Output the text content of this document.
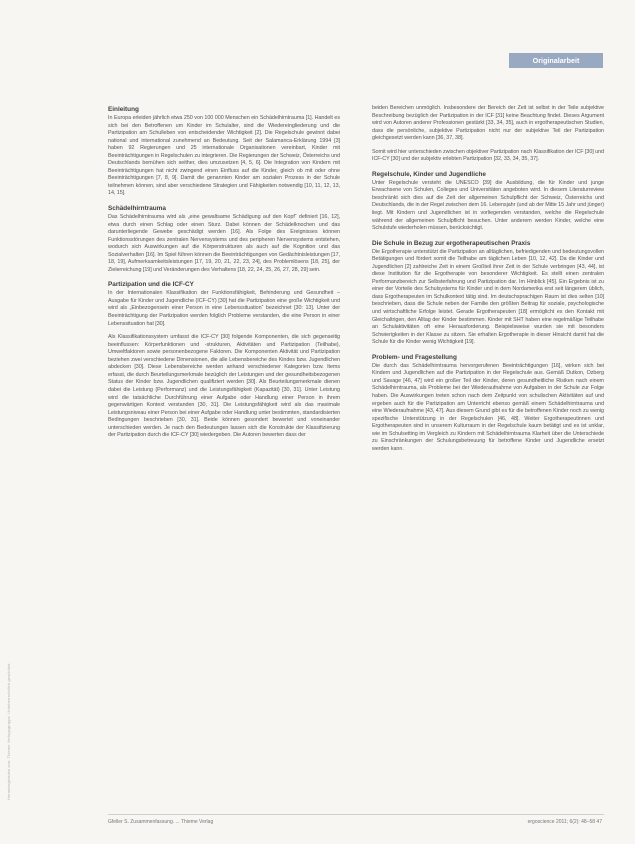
Heruntergeladen von: Thieme Verlagsgruppe. Urheberrechtlich geschützt.
Originalarbeit
Einleitung

In Europa erleiden jährlich etwa 250 von 100 000 Menschen ein Schädelhirntrauma [1]. Handelt es sich bei den Betroffenen um Kinder im Schulalter, sind die Wiedereingliederung und die Partizipation am Schulleben von entscheidender Wichtigkeit [2]. Die Regelschule gewinnt dabei national und international zunehmend an Bedeutung. Seit der Salamanca-Erklärung 1994 [3] haben 92 Regierungen und 25 internationale Organisationen vereinbart, Kinder mit Beeinträchtigungen in Regelschulen zu integrieren. Die Regierungen der Schweiz, Österreichs und Deutschlands bemühen sich seither, dies umzusetzen [4, 5, 6]. Die Integration von Kindern mit Beeinträchtigungen hat nicht zwingend einen Einfluss auf die Kinder, gleich ob mit oder ohne Beeinträchtigungen [7, 8, 9]. Damit die genannten Kinder am sozialen Prozess in der Schule teilnehmen können, sind aber verschiedene Strategien und Fähigkeiten notwendig [10, 11, 12, 13, 14, 15].

Schädelhirntrauma

Das Schädelhirntrauma wird als „eine gewaltsame Schädigung auf den Kopf“ definiert [16, 12], etwa durch einen Schlag oder einen Sturz. Dabei können der Schädelknochen und das darunterliegende Gewebe geschädigt werden [16]. Als Folge des Ereignisses können Funktionsstörungen des zentralen Nervensystems und des peripheren Nervensystems entstehen, wodurch sich Auswirkungen auf die Körperstrukturen als auch auf die Kognition und das Sozialverhalten [16]. Im Spiel führen können die Beeinträchtigungen von Gedächtnisleistungen [17, 18, 19], Aufmerksamkeitsleistungen [17, 19, 20, 21, 22, 23, 24], des Problemlösens [18, 25], der Zielerreichung [19] und Veränderungen des Verhaltens [18, 22, 24, 25, 26, 27, 28, 29] sein.

Partizipation und die ICF-CY

In der Internationalen Klassifikation der Funktionsfähigkeit, Behinderung und Gesundheit – Ausgabe für Kinder und Jugendliche (ICF-CY) [30] hat die Partizipation eine große Wichtigkeit und wird als „Einbezogensein einer Person in eine Lebenssituation“ bezeichnet [30: 13]. Unter der Beeinträchtigung der Partizipation werden folglich Probleme verstanden, die eine Person in einer Lebenssituation hat [30].

Als Klassifikationssystem umfasst die ICF-CY [30] folgende Komponenten, die sich gegenseitig beeinflussen: Körperfunktionen und -strukturen, Aktivitäten und Partizipation (Teilhabe), Umweltfaktoren sowie personenbezogene Faktoren. Die Komponenten Aktivität und Partizipation beziehen zwei verschiedene Dimensionen, die alle Lebensbereiche des Kindes bzw. Jugendlichen abdecken [30]. Diese Lebensbereiche werden anhand verschiedener Kategorien bzw. Items erfasst, die durch Beurteilungsmerkmale bezüglich der Leistungen und der gesundheitsbezogenen Status der Kinder bzw. Jugendlichen qualifiziert werden [30]. Als Beurteilungsmerkmale dienen dabei die Leistung (Performanz) und die Leistungsfähigkeit (Kapazität) [30, 31]. Unter Leistung wird die tatsächliche Durchführung einer Aufgabe oder Handlung einer Person in ihrem gegenwärtigen Kontext verstanden [30, 31]. Die Leistungsfähigkeit wird als das maximale Leistungsniveau einer Person bei einer Aufgabe oder Handlung unter bestimmten, standardisierten Bedingungen beschrieben [30, 31]. Beide können gesondert bewertet und voneinander unterschieden werden. Je nach den Bedeutungen lassen sich die Konstrukte der Klassifizierung der Partizipation durch die ICF-CY [30] wiedergeben. Die Autoren bewerten dass der

beiden Bereichen unmöglich. Insbesondere der Bereich der Zeit ist selbst in der Teile subjektive Beschreibung bezüglich der Partizipation in der ICF [31] keine Beachtung findet. Dieses Argument wird von Autoren anderer Professionen gestärkt [33, 34, 35], auch in ergotherapeutischen Studien, dass die persönliche, subjektive Partizipation nicht nur der subjektive Teil der Partizipation gleichgesetzt werden kann [36, 37, 38].

Somit wird hier unterschieden zwischen objektiver Partizipation nach Klassifikation der ICF [30] und ICF-CY [30] und der subjektiv erlebten Partizipation [32, 33, 34, 35, 37].

Regelschule, Kinder und Jugendliche

Unter Regelschule versteht die UNESCO [39] die Ausbildung, die für Kinder und junge Erwachsene von Schulen, Colleges und Universitäten angeboten wird. In diesem Literaturreview beschränkt sich dies auf die Zeit der allgemeinen Schulpflicht der Schweiz, Österreichs und Deutschlands, die in der Regel zwischen dem 16. Lebensjahr (und ab der Mitte 15 Jahr und jünger) liegt. Mit Kindern und Jugendlichen ist in vorliegenden verstanden, welche die Regelschule während der allgemeinen Schulpflicht besuchen. Unter anderem werden Kinder, welche eine Schulstufe wiederholen müssen, berücksichtigt.

Die Schule in Bezug zur ergotherapeutischen Praxis

Die Ergotherapie unterstützt die Partizipation an alltäglichen, befriedigenden und bedeutungsvollen Betätigungen und fördert somit die Teilhabe am täglichen Leben [10, 12, 42]. Da die Kinder und Jugendlichen [2] zahlreiche Zeit in einem Großteil ihrer Zeit in der Schule verbringen [43, 44], ist diese Institution für die Ergotherapie von besonderer Wichtigkeit. Es stellt einen zentralen Performanzbereich zur Selbsterfahrung und Partizipation dar. Im Hinblick [45]. Ein Ergebnis ist zu einer der Vorteile des Schulsystems für Kinder und in dem Nordamerika erst seit längerem üblich, dass Ergotherapeuten im Schulkontext tätig sind. Im deutschsprachigen Raum ist dies selten [10] beschrieben, dass die Schule neben der Familie den größten Beitrag für soziale, psychologische und wirtschaftliche Erfolge leistet. Gerade Ergotherapeuten [18] ermöglicht es den Kontakt mit Gleichaltrigen, den Alltag der Kinder bestimmen. Kinder mit SHT haben eine regelmäßige Teilhabe an Schulaktivitäten oft eine Herausforderung. Beispielsweise wurden sie mit besonders Schwierigkeiten in der Klasse zu sitzen. Sie erhalten Ergotherapie in dieser Hinsicht damit hat die Schule für die Kinder wenig Wichtigkeit [19].

Problem- und Fragestellung

Die durch das Schädelhirntrauma hervorgerufenen Beeinträchtigungen [16], wirken sich bei Kindern und Jugendlichen auf die Partizipation in der Regelschule aus. Gemäß Dutkon, Ozberg und Savage [46, 47] wird ein großer Teil der Kinder, deren gesundheitliche Risiken nach einem Schädelhirntrauma, als Probleme bei der Wiederaufnahme von Aufgaben in der Schule zur Folge haben. Die Auswirkungen treten schon nach dem Zeitpunkt von schulischen Aktivitäten auf und ergeben auch für die Partizipation am Unterricht ebenso gemäß einem Schädelhirntrauma und eine Wiederaufnahme [43, 47]. Aus diesem Grund gibt es für die betroffenen Kinder noch zu wenig spezifische Unterstützung in der Regelschulen [46, 48]. Weiter Ergotherapeutinnen und Ergotherapeuten sind in unserem Kulturraum in der Regelschule kaum betätigt und es ist unklar, wie im Schulsetting im Vergleich zu Kindern mit Schädelhirntrauma Klarheit über die Unterschiede zu Einschränkungen der Schulungsbetreuung für betroffene Kinder und Jugendliche ersetzt werden kann.

Gfeller S. Zusammenfassung. ... Thieme Verlag	ergoscience 2011; 6(2): 48–58 47
